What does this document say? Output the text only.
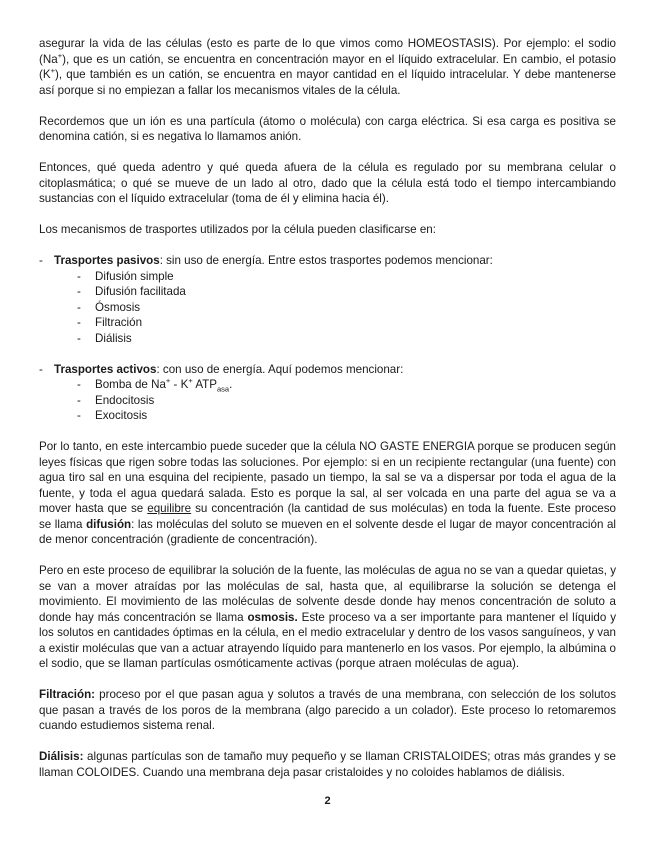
asegurar la vida de las células (esto es parte de lo que vimos como HOMEOSTASIS). Por ejemplo: el sodio (Na+), que es un catión, se encuentra en concentración mayor en el líquido extracelular. En cambio, el potasio (K+), que también es un catión, se encuentra en mayor cantidad en el líquido intracelular. Y debe mantenerse así porque si no empiezan a fallar los mecanismos vitales de la célula.

Recordemos que un ión es una partícula (átomo o molécula) con carga eléctrica. Si esa carga es positiva se denomina catión, si es negativa lo llamamos anión.

Entonces, qué queda adentro y qué queda afuera de la célula es regulado por su membrana celular o citoplasmática; o qué se mueve de un lado al otro, dado que la célula está todo el tiempo intercambiando sustancias con el líquido extracelular (toma de él y elimina hacia él).

Los mecanismos de trasportes utilizados por la célula pueden clasificarse en:

- Trasportes pasivos: sin uso de energía. Entre estos trasportes podemos mencionar:
-	Difusión simple
-	Difusión facilitada
-	Ósmosis
-	Filtración
-	Diálisis
- Trasportes activos: con uso de energía. Aquí podemos mencionar:
-	Bomba de Na+ - K+ $ATP_{asa}$.
-	Endocitosis
-	Exocitosis

Por lo tanto, en este intercambio puede suceder que la célula NO GASTE ENERGIA porque se producen según leyes físicas que rigen sobre todas las soluciones. Por ejemplo: si en un recipiente rectangular (una fuente) con agua tiro sal en una esquina del recipiente, pasado un tiempo, la sal se va a dispersar por toda el agua de la fuente, y toda el agua quedará salada. Esto es porque la sal, al ser volcada en una parte del agua se va a mover hasta que se equilibre su concentración (la cantidad de sus moléculas) en toda la fuente. Este proceso se llama difusión: las moléculas del soluto se mueven en el solvente desde el lugar de mayor concentración al de menor concentración (gradiente de concentración).

Pero en este proceso de equilibrar la solución de la fuente, las moléculas de agua no se van a quedar quietas, y se van a mover atraídas por las moléculas de sal, hasta que, al equilibrarse la solución se detenga el movimiento. El movimiento de las moléculas de solvente desde donde hay menos concentración de soluto a donde hay más concentración se llama osmosis. Este proceso va a ser importante para mantener el líquido y los solutos en cantidades óptimas en la célula, en el medio extracelular y dentro de los vasos sanguíneos, y van a existir moléculas que van a actuar atrayendo líquido para mantenerlo en los vasos. Por ejemplo, la albúmina o el sodio, que se llaman partículas osmóticamente activas (porque atraen moléculas de agua).

Filtración: proceso por el que pasan agua y solutos a través de una membrana, con selección de los solutos que pasan a través de los poros de la membrana (algo parecido a un colador). Este proceso lo retomaremos cuando estudiemos sistema renal.

Diálisis: algunas partículas son de tamaño muy pequeño y se llaman CRISTALOIDES; otras más grandes y se llaman COLOIDES. Cuando una membrana deja pasar cristaloides y no coloides hablamos de diálisis.

2
